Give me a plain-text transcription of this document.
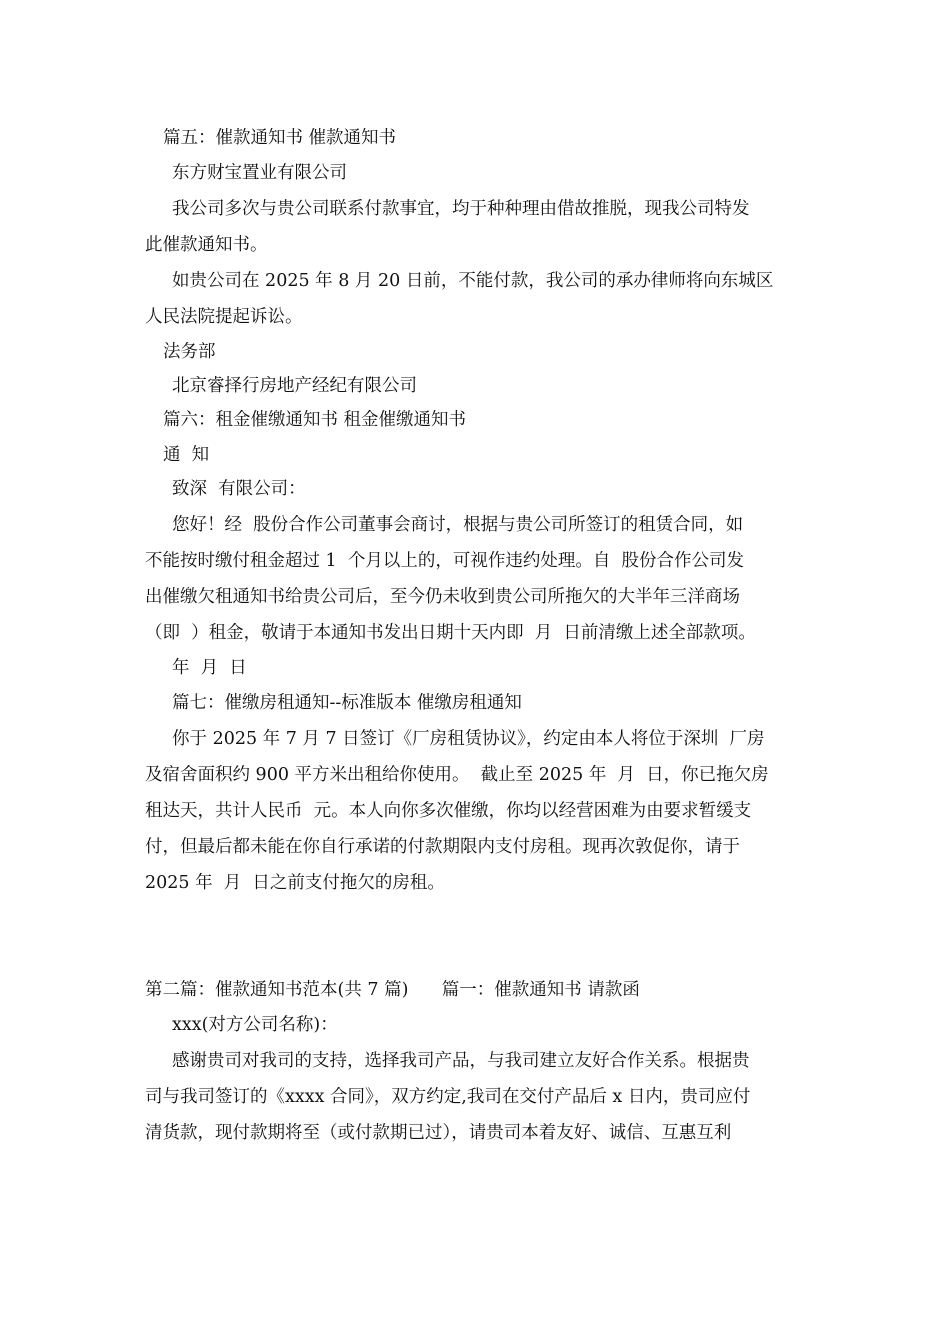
篇五：催款通知书 催款通知书
东方财宝置业有限公司
我公司多次与贵公司联系付款事宜，均于种种理由借故推脱，现我公司特发
此催款通知书。
如贵公司在 2025 年 8 月 20 日前，不能付款，我公司的承办律师将向东城区
人民法院提起诉讼。
法务部
北京睿择行房地产经纪有限公司
篇六：租金催缴通知书 租金催缴通知书
通  知
致深  有限公司：
您好！经  股份合作公司董事会商讨，根据与贵公司所签订的租赁合同，如
不能按时缴付租金超过 1  个月以上的，可视作违约处理。自  股份合作公司发
出催缴欠租通知书给贵公司后，至今仍未收到贵公司所拖欠的大半年三洋商场
（即  ）租金，敬请于本通知书发出日期十天内即  月  日前清缴上述全部款项。
年  月  日
篇七：催缴房租通知--标准版本 催缴房租通知
你于 2025 年 7 月 7 日签订《厂房租赁协议》，约定由本人将位于深圳  厂房
及宿舍面积约 900 平方米出租给你使用。  截止至 2025 年  月  日，你已拖欠房
租达天，共计人民币  元。本人向你多次催缴，你均以经营困难为由要求暂缓支
付，但最后都未能在你自行承诺的付款期限内支付房租。现再次敦促你，请于
2025 年  月  日之前支付拖欠的房租。
第二篇：催款通知书范本(共 7 篇)      篇一：催款通知书 请款函
xxx(对方公司名称)：
感谢贵司对我司的支持，选择我司产品，与我司建立友好合作关系。根据贵
司与我司签订的《xxxx 合同》，双方约定,我司在交付产品后 x 日内，贵司应付
清货款，现付款期将至（或付款期已过），请贵司本着友好、诚信、互惠互利
